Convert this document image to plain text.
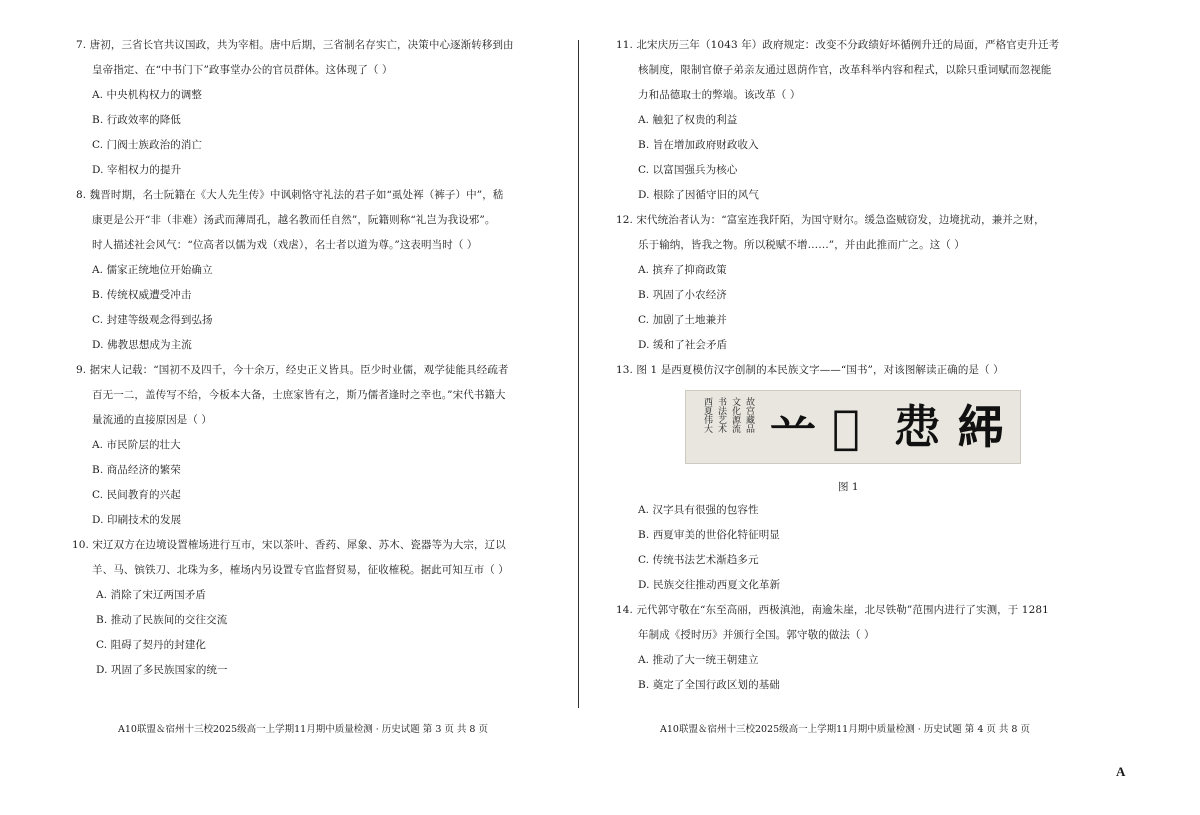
7. 唐初，三省长官共议国政，共为宰相。唐中后期，三省制名存实亡，决策中心逐渐转移到由
皇帝指定、在“中书门下”政事堂办公的官员群体。这体现了（ ）
A. 中央机构权力的调整
B. 行政效率的降低
C. 门阀士族政治的消亡
D. 宰相权力的提升
8. 魏晋时期，名士阮籍在《大人先生传》中讽刺恪守礼法的君子如“虱处裈（裤子）中”，嵇
康更是公开“非（非难）汤武而薄周孔，越名教而任自然”，阮籍则称“礼岂为我设邪”。
时人描述社会风气：“位高者以儒为戏（戏虐），名士者以道为尊。”这表明当时（ ）
A. 儒家正统地位开始确立
B. 传统权威遭受冲击
C. 封建等级观念得到弘扬
D. 佛教思想成为主流
9. 据宋人记载：“国初不及四千，今十余万，经史正义皆具。臣少时业儒，观学徒能具经疏者
百无一二，盖传写不给，今板本大备，士庶家皆有之，斯乃儒者逢时之幸也。”宋代书籍大
量流通的直接原因是（ ）
A. 市民阶层的壮大
B. 商品经济的繁荣
C. 民间教育的兴起
D. 印刷技术的发展
10. 宋辽双方在边境设置榷场进行互市，宋以茶叶、香药、犀象、苏木、瓷器等为大宗，辽以
羊、马、镔铁刀、北珠为多，榷场内另设置专官监督贸易，征收榷税。据此可知互市（ ）
A. 消除了宋辽两国矛盾
B. 推动了民族间的交往交流
C. 阻碍了契丹的封建化
D. 巩固了多民族国家的统一
11. 北宋庆历三年（1043 年）政府规定：改变不分政绩好坏循例升迁的局面，严格官吏升迁考
核制度，限制官僚子弟亲友通过恩荫作官，改革科举内容和程式，以除只重词赋而忽视能
力和品德取士的弊端。该改革（ ）
A. 触犯了权贵的利益
B. 旨在增加政府财政收入
C. 以富国强兵为核心
D. 根除了因循守旧的风气
12. 宋代统治者认为：“富室连我阡陌，为国守财尔。缓急盗贼窃发，边境扰动，兼并之财，
乐于输纳，皆我之物。所以税赋不增……”，并由此推而广之。这（ ）
A. 摈弃了抑商政策
B. 巩固了小农经济
C. 加剧了土地兼并
D. 缓和了社会矛盾
13. 图 1 是西夏模仿汉字创制的本民族文字——“国书”，对该图解读正确的是（ ）
A. 汉字具有很强的包容性
B. 西夏审美的世俗化特征明显
C. 传统书法艺术渐趋多元
D. 民族交往推动西夏文化革新
14. 元代郭守敬在“东至高丽，西极滇池，南逾朱崖，北尽铁勒”范围内进行了实测，于 1281
年制成《授时历》并颁行全国。郭守敬的做法（ ）
A. 推动了大一统王朝建立
B. 奠定了全国行政区划的基础
西夏伟大 书法艺术 文化源流 故宫藏品 䒑 𤗹 𢘍 𥾯
图 1
A10联盟＆宿州十三校2025级高一上学期11月期中质量检测 · 历史试题 第 3 页 共 8 页	A10联盟＆宿州十三校2025级高一上学期11月期中质量检测 · 历史试题 第 4 页 共 8 页
A
